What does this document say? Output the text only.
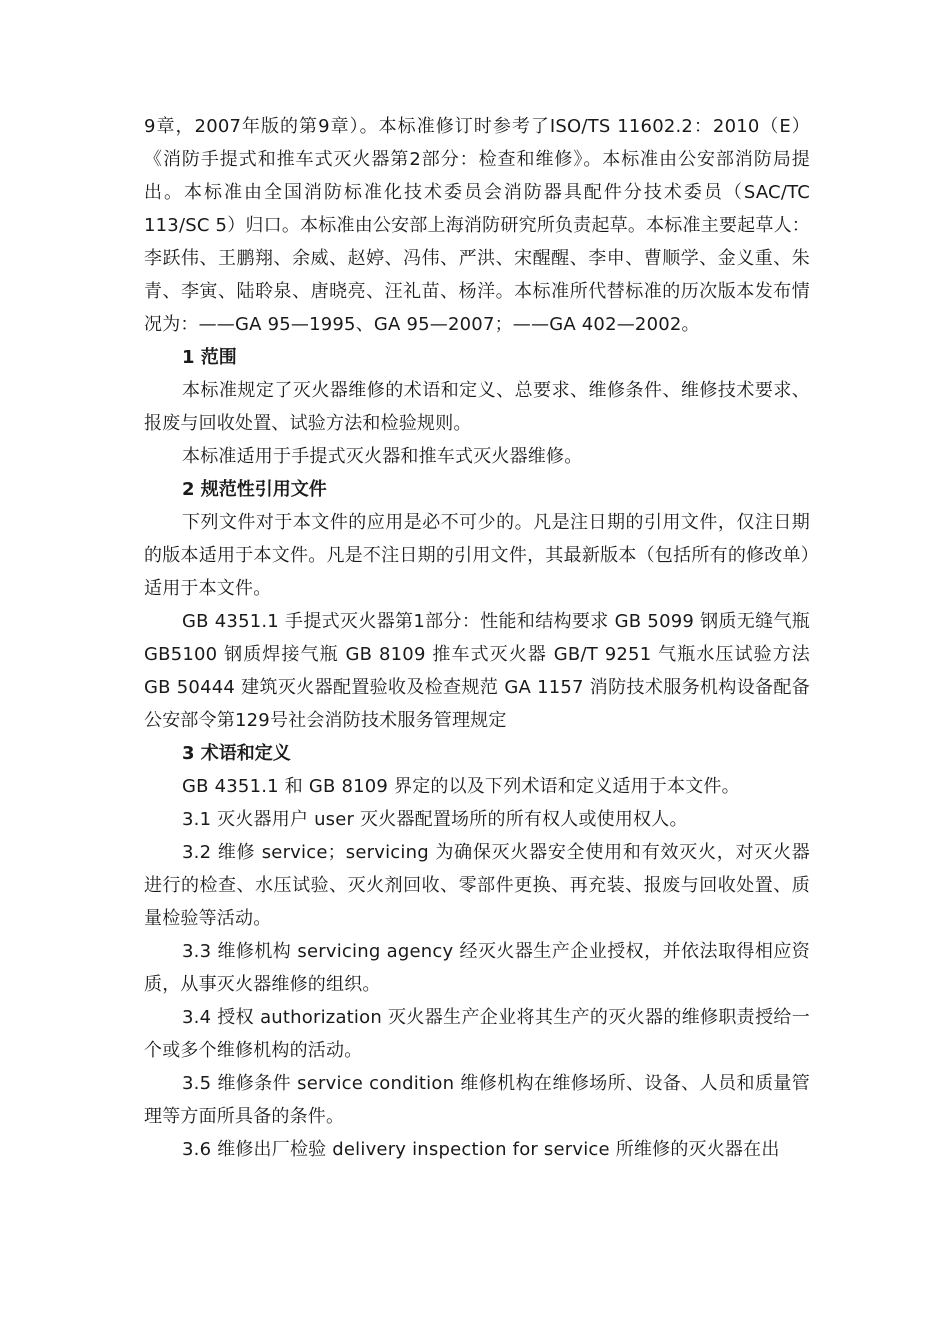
9章，2007年版的第9章）。本标准修订时参考了ISO/TS 11602.2：2010（E）《消防手提式和推车式灭火器第2部分：检查和维修》。本标准由公安部消防局提出。本标准由全国消防标准化技术委员会消防器具配件分技术委员（SAC/TC 113/SC 5）归口。本标准由公安部上海消防研究所负责起草。本标准主要起草人：李跃伟、王鹏翔、余威、赵婷、冯伟、严洪、宋醒醒、李申、曹顺学、金义重、朱青、李寅、陆聆泉、唐晓亮、汪礼苗、杨洋。本标准所代替标准的历次版本发布情况为：——GA 95—1995、GA 95—2007；——GA 402—2002。

1 范围

本标准规定了灭火器维修的术语和定义、总要求、维修条件、维修技术要求、报废与回收处置、试验方法和检验规则。

本标准适用于手提式灭火器和推车式灭火器维修。

2 规范性引用文件

下列文件对于本文件的应用是必不可少的。凡是注日期的引用文件，仅注日期的版本适用于本文件。凡是不注日期的引用文件，其最新版本（包括所有的修改单）适用于本文件。

GB 4351.1 手提式灭火器第1部分：性能和结构要求 GB 5099 钢质无缝气瓶 GB5100 钢质焊接气瓶 GB 8109 推车式灭火器 GB/T 9251 气瓶水压试验方法 GB 50444 建筑灭火器配置验收及检查规范 GA 1157 消防技术服务机构设备配备公安部令第129号社会消防技术服务管理规定

3 术语和定义

GB 4351.1 和 GB 8109 界定的以及下列术语和定义适用于本文件。

3.1 灭火器用户 user 灭火器配置场所的所有权人或使用权人。

3.2 维修 service；servicing 为确保灭火器安全使用和有效灭火，对灭火器进行的检查、水压试验、灭火剂回收、零部件更换、再充装、报废与回收处置、质量检验等活动。

3.3 维修机构 servicing agency 经灭火器生产企业授权，并依法取得相应资质，从事灭火器维修的组织。

3.4 授权 authorization 灭火器生产企业将其生产的灭火器的维修职责授给一个或多个维修机构的活动。

3.5 维修条件 service condition 维修机构在维修场所、设备、人员和质量管理等方面所具备的条件。

3.6 维修出厂检验 delivery inspection for service 所维修的灭火器在出
